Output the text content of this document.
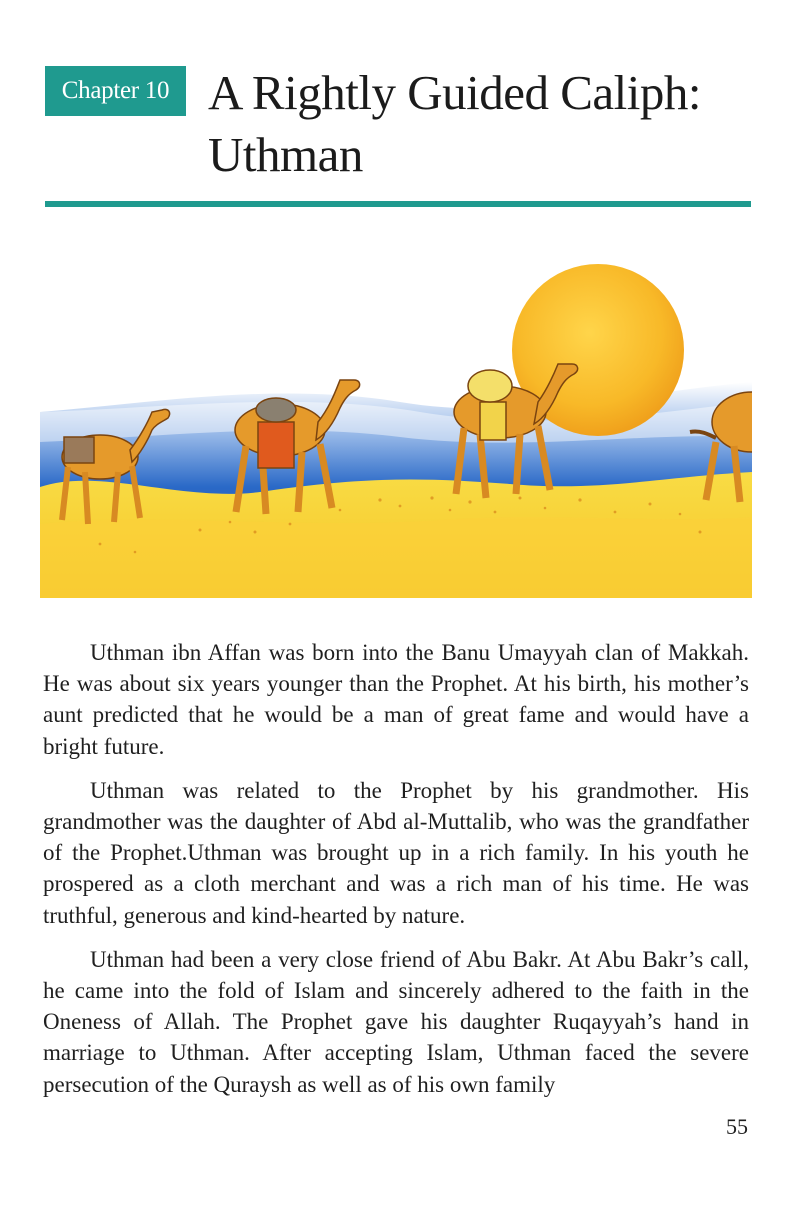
Chapter 10 A Rightly Guided Caliph:
Uthman

Uthman ibn Affan was born into the Banu Umayyah clan of Makkah. He was about six years younger than the Prophet. At his birth, his mother’s aunt predicted that he would be a man of great fame and would have a bright future.

Uthman was related to the Prophet by his grandmother. His grandmother was the daughter of Abd al-Muttalib, who was the grandfather of the Prophet.Uthman was brought up in a rich family. In his youth he prospered as a cloth merchant and was a rich man of his time. He was truthful, generous and kind-hearted by nature.

Uthman had been a very close friend of Abu Bakr. At Abu Bakr’s call, he came into the fold of Islam and sincerely adhered to the faith in the Oneness of Allah. The Prophet gave his daughter Ruqayyah’s hand in marriage to Uthman. After accepting Islam, Uthman faced the severe persecution of the Quraysh as well as of his own family

55
